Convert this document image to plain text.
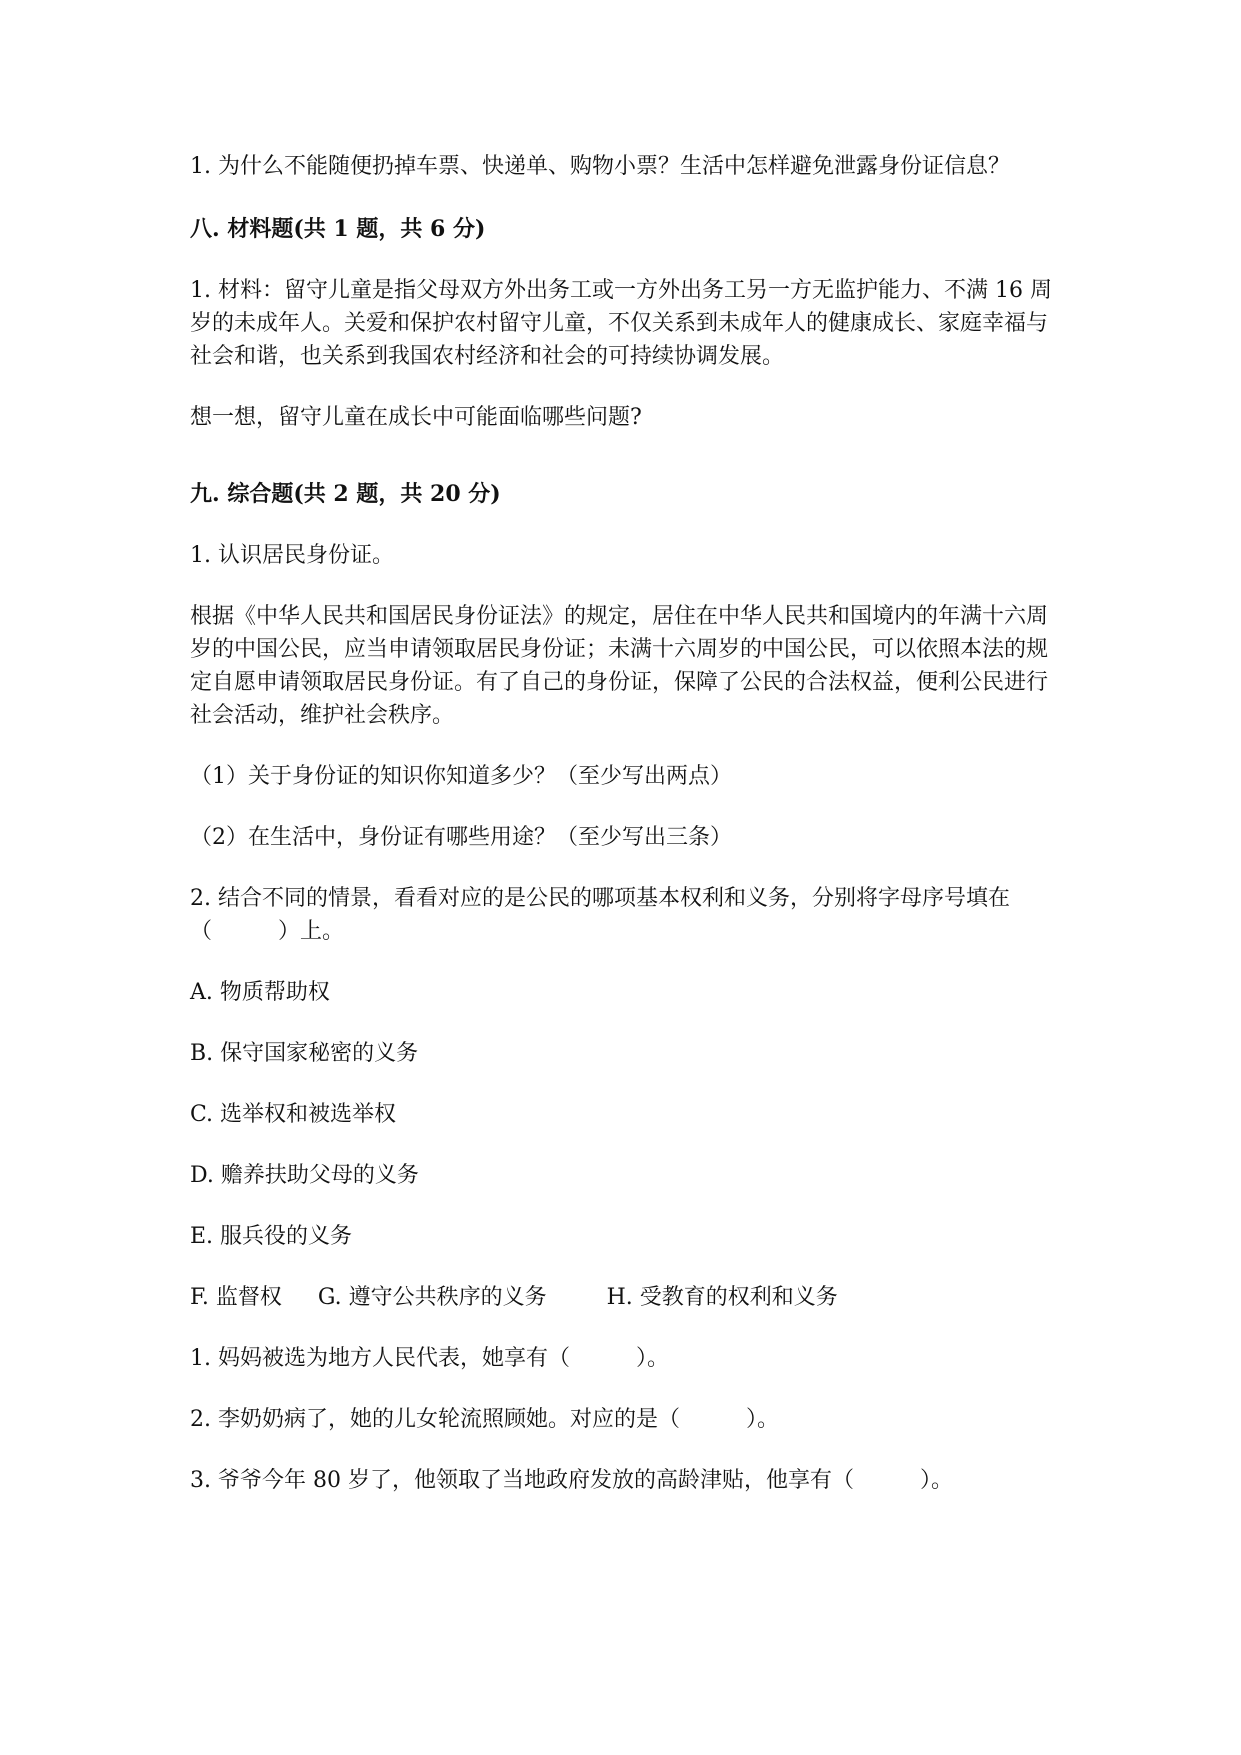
1. 为什么不能随便扔掉车票、快递单、购物小票？生活中怎样避免泄露身份证信息？

八. 材料题(共 1 题，共 6 分)

1. 材料：留守儿童是指父母双方外出务工或一方外出务工另一方无监护能力、不满 16 周岁的未成年人。关爱和保护农村留守儿童，不仅关系到未成年人的健康成长、家庭幸福与社会和谐，也关系到我国农村经济和社会的可持续协调发展。

想一想，留守儿童在成长中可能面临哪些问题?

九. 综合题(共 2 题，共 20 分)

1. 认识居民身份证。

根据《中华人民共和国居民身份证法》的规定，居住在中华人民共和国境内的年满十六周岁的中国公民，应当申请领取居民身份证；未满十六周岁的中国公民，可以依照本法的规定自愿申请领取居民身份证。有了自己的身份证，保障了公民的合法权益，便利公民进行社会活动，维护社会秩序。

（1）关于身份证的知识你知道多少？（至少写出两点）

（2）在生活中，身份证有哪些用途？（至少写出三条）

2. 结合不同的情景，看看对应的是公民的哪项基本权利和义务，分别将字母序号填在（　　　）上。

A. 物质帮助权

B. 保守国家秘密的义务

C. 选举权和被选举权

D. 赡养扶助父母的义务

E. 服兵役的义务

F. 监督权 G. 遵守公共秩序的义务	H. 受教育的权利和义务

1. 妈妈被选为地方人民代表，她享有（　　　）。

2. 李奶奶病了，她的儿女轮流照顾她。对应的是（　　　）。

3. 爷爷今年 80 岁了，他领取了当地政府发放的高龄津贴，他享有（　　　）。
